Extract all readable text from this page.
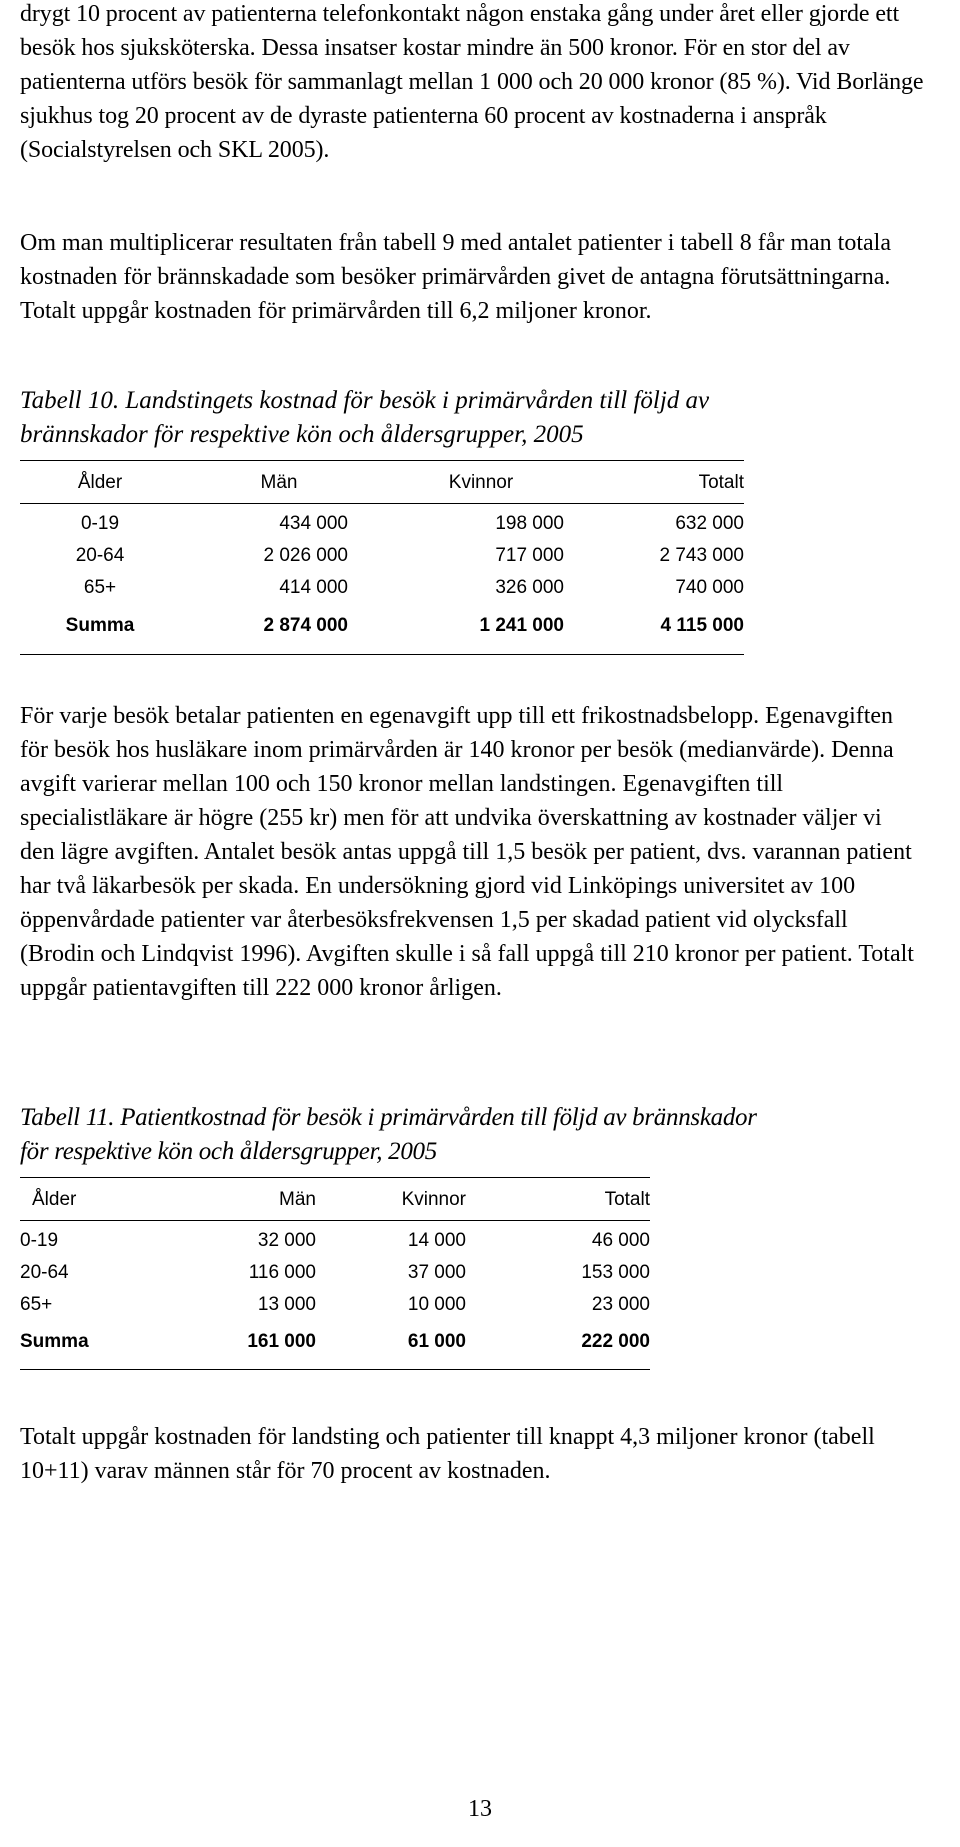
drygt 10 procent av patienterna telefonkontakt någon enstaka gång under året eller gjorde ett besök hos sjuksköterska. Dessa insatser kostar mindre än 500 kronor. För en stor del av patienterna utförs besök för sammanlagt mellan 1 000 och 20 000 kronor (85 %). Vid Borlänge sjukhus tog 20 procent av de dyraste patienterna 60 procent av kostnaderna i anspråk (Socialstyrelsen och SKL 2005).

Om man multiplicerar resultaten från tabell 9 med antalet patienter i tabell 8 får man totala kostnaden för brännskadade som besöker primärvården givet de antagna förutsättningarna. Totalt uppgår kostnaden för primärvården till 6,2 miljoner kronor.

Tabell 10. Landstingets kostnad för besök i primärvården till följd av
brännskador för respektive kön och åldersgrupper, 2005

Ålder	Män	Kvinnor	Totalt
0-19	434 000	198 000	632 000
20-64	2 026 000	717 000	2 743 000
65+	414 000	326 000	740 000
Summa	2 874 000	1 241 000	4 115 000

För varje besök betalar patienten en egenavgift upp till ett frikostnadsbelopp. Egenavgiften för besök hos husläkare inom primärvården är 140 kronor per besök (medianvärde). Denna avgift varierar mellan 100 och 150 kronor mellan landstingen. Egenavgiften till specialistläkare är högre (255 kr) men för att undvika överskattning av kostnader väljer vi den lägre avgiften. Antalet besök antas uppgå till 1,5 besök per patient, dvs. varannan patient har två läkarbesök per skada. En undersökning gjord vid Linköpings universitet av 100 öppenvårdade patienter var återbesöksfrekvensen 1,5 per skadad patient vid olycksfall (Brodin och Lindqvist 1996). Avgiften skulle i så fall uppgå till 210 kronor per patient. Totalt uppgår patientavgiften till 222 000 kronor årligen.

Tabell 11. Patientkostnad för besök i primärvården till följd av brännskador
för respektive kön och åldersgrupper, 2005

Ålder	Män	Kvinnor	Totalt
0-19	32 000	14 000	46 000
20-64	116 000	37 000	153 000
65+	13 000	10 000	23 000
Summa	161 000	61 000	222 000

Totalt uppgår kostnaden för landsting och patienter till knappt 4,3 miljoner kronor (tabell 10+11) varav männen står för 70 procent av kostnaden.

13
